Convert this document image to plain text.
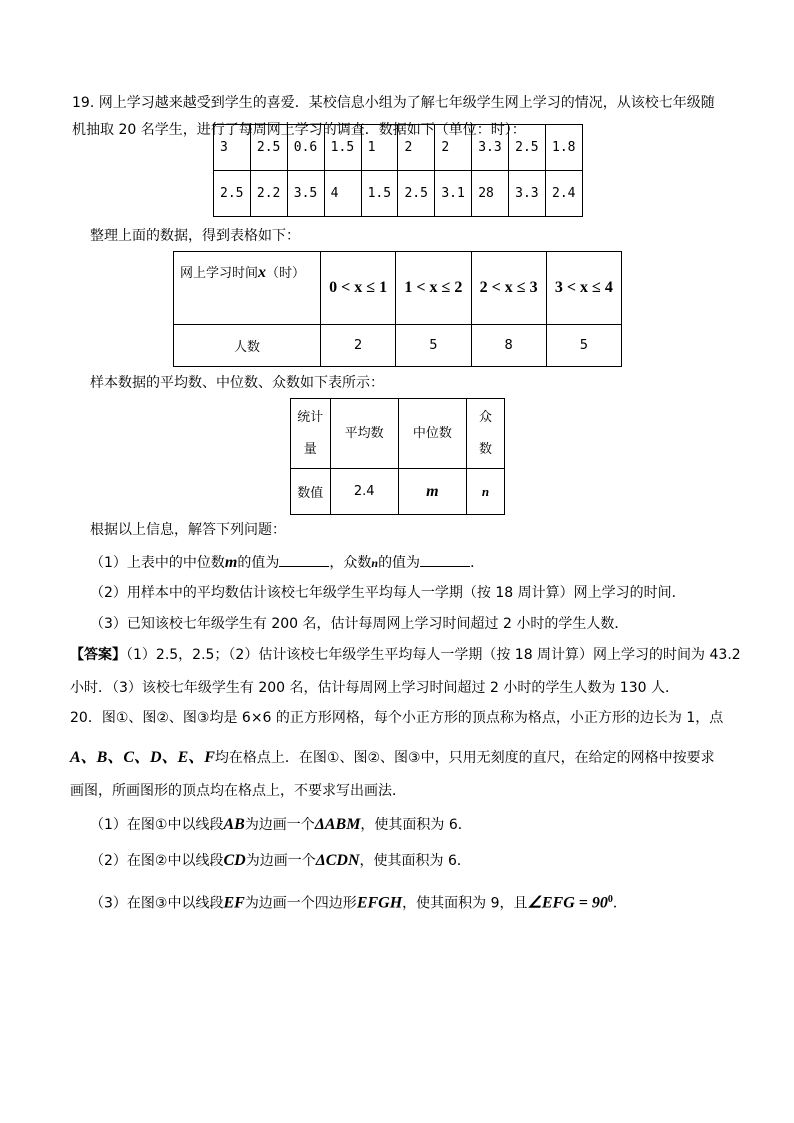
19. 网上学习越来越受到学生的喜爱．某校信息小组为了解七年级学生网上学习的情况，从该校七年级随
机抽取 20 名学生，进行了每周网上学习的调查．数据如下（单位：时）：
3	2.5	0.6	1.5	1	2	2	3.3	2.5	1.8
2.5	2.2	3.5	4	1.5	2.5	3.1	28	3.3	2.4
整理上面的数据，得到表格如下：
网上学习时间x（时）	0 < x ≤ 1	1 < x ≤ 2	2 < x ≤ 3	3 < x ≤ 4
人数	2	5	8	5
样本数据的平均数、中位数、众数如下表所示：
统计量	平均数	中位数	众数
数值	2.4	m	n
根据以上信息，解答下列问题：
（1）上表中的中位数m的值为	，众数n的值为	．
（2）用样本中的平均数估计该校七年级学生平均每人一学期（按 18 周计算）网上学习的时间．
（3）已知该校七年级学生有 200 名，估计每周网上学习时间超过 2 小时的学生人数．
【答案】（1）2.5，2.5；（2）估计该校七年级学生平均每人一学期（按 18 周计算）网上学习的时间为 43.2
小时．（3）该校七年级学生有 200 名，估计每周网上学习时间超过 2 小时的学生人数为 130 人．
20．图①、图②、图③均是 6×6 的正方形网格，每个小正方形的顶点称为格点，小正方形的边长为 1，点
A、B、C、D、E、F均在格点上．在图①、图②、图③中，只用无刻度的直尺，在给定的网格中按要求
画图，所画图形的顶点均在格点上，不要求写出画法．
（1）在图①中以线段AB为边画一个ΔABM，使其面积为 6．
（2）在图②中以线段CD为边画一个ΔCDN，使其面积为 6．
（3）在图③中以线段EF为边画一个四边形EFGH，使其面积为 9，且∠EFG = $90^0$．
